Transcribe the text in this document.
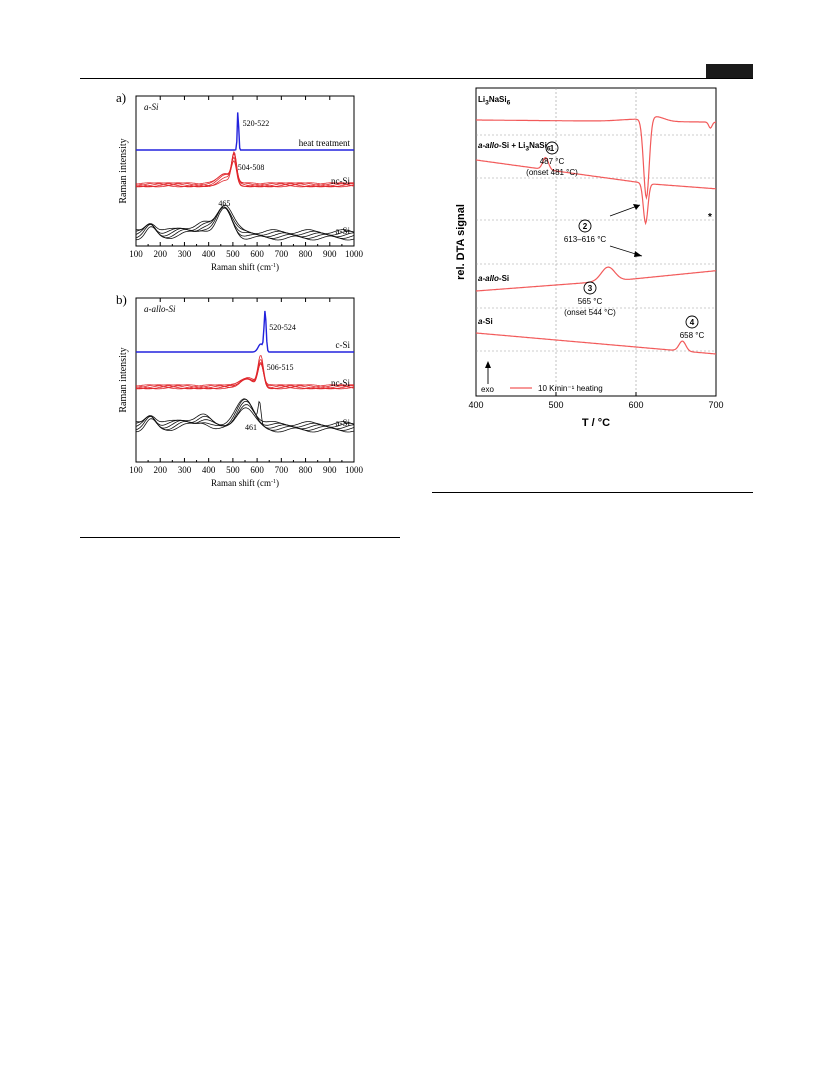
100 200 300 400 500 600 700 800 900 1000
a)
a-Si
Raman shift $(cm^{-1})$
Raman intensity	heat treatment
nc-Si
a-Si
520-522
504-508
465
100 200 300 400 500 600 700 800 900 1000
b)
a-allo-Si
Raman shift $(cm^{-1})$
Raman intensity
c-Si
nc-Si
a-Si
520-524
506-515
461
400	500	600	700
T / °C
rel. DTA signal
$Li_3NaSi_6$
a-allo-Si + $Li_3NaSi_6$
a-allo-Si
a-Si
1
487 °C
(onset 481 °C)
2
613–616 °C
3
565 °C
(onset 544 °C)
4
658 °C
*
exo	10 Kmin⁻¹ heating
